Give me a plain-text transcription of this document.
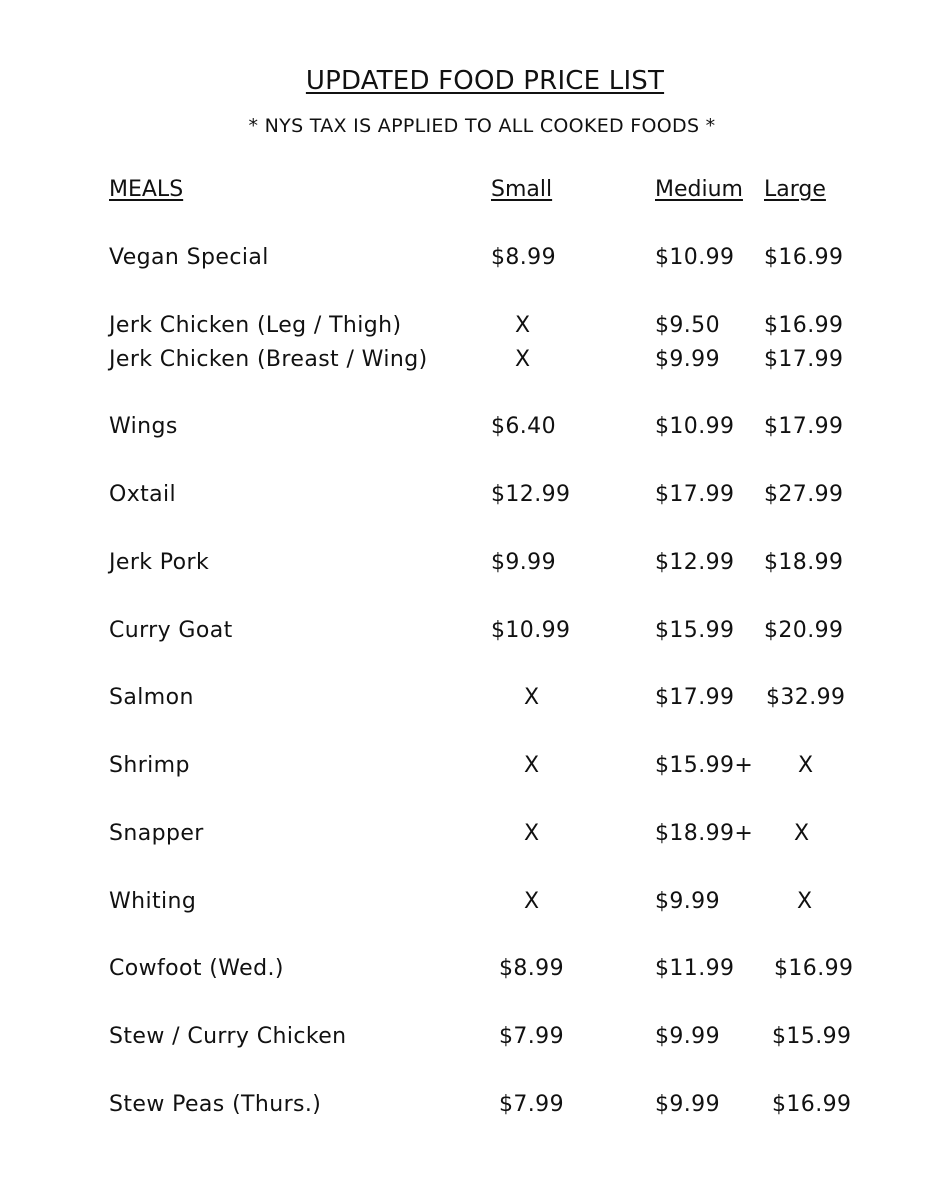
UPDATED FOOD PRICE LIST
* NYS TAX IS APPLIED TO ALL COOKED FOODS *
MEALS	Small	Medium Large
Vegan Special	$8.99	$10.99 $16.99
Jerk Chicken (Leg / Thigh)	X	$9.50 $16.99
Jerk Chicken (Breast / Wing)	X	$9.99 $17.99
Wings	$6.40	$10.99 $17.99
Oxtail	$12.99	$17.99 $27.99
Jerk Pork	$9.99	$12.99 $18.99
Curry Goat	$10.99	$15.99 $20.99
Salmon	X	$17.99 $32.99
Shrimp	X	$15.99+ X
Snapper	X	$18.99+ X
Whiting	X	$9.99	X
Cowfoot (Wed.)	$8.99	$11.99 $16.99
Stew / Curry Chicken	$7.99	$9.99 $15.99
Stew Peas (Thurs.)	$7.99	$9.99 $16.99
